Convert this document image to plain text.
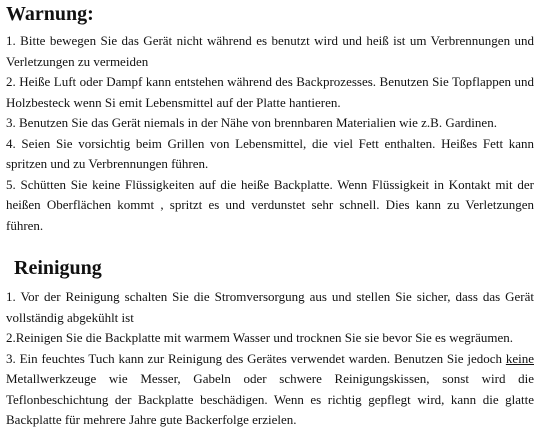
Warnung:

1. Bitte bewegen Sie das Gerät nicht während es benutzt wird und heiß ist um Verbrennungen und Verletzungen zu vermeiden

2. Heiße Luft oder Dampf kann entstehen während des Backprozesses. Benutzen Sie Topflappen und Holzbesteck wenn Si emit Lebensmittel auf der Platte hantieren.

3. Benutzen Sie das Gerät niemals in der Nähe von brennbaren Materialien wie z.B. Gardinen.

4. Seien Sie vorsichtig beim Grillen von Lebensmittel, die viel Fett enthalten. Heißes Fett kann spritzen und zu Verbrennungen führen.

5. Schütten Sie keine Flüssigkeiten auf die heiße Backplatte. Wenn Flüssigkeit in Kontakt mit der heißen Oberflächen kommt , spritzt es und verdunstet sehr schnell. Dies kann zu Verletzungen führen.

Reinigung

1. Vor der Reinigung schalten Sie die Stromversorgung aus und stellen Sie sicher, dass das Gerät vollständig abgekühlt ist

2.Reinigen Sie die Backplatte mit warmem Wasser und trocknen Sie sie bevor Sie es wegräumen.

3. Ein feuchtes Tuch kann zur Reinigung des Gerätes verwendet warden. Benutzen Sie jedoch keine Metallwerkzeuge wie Messer, Gabeln oder schwere Reinigungskissen, sonst wird die Teflonbeschichtung der Backplatte beschädigen. Wenn es richtig gepflegt wird, kann die glatte Backplatte für mehrere Jahre gute Backerfolge erzielen.
